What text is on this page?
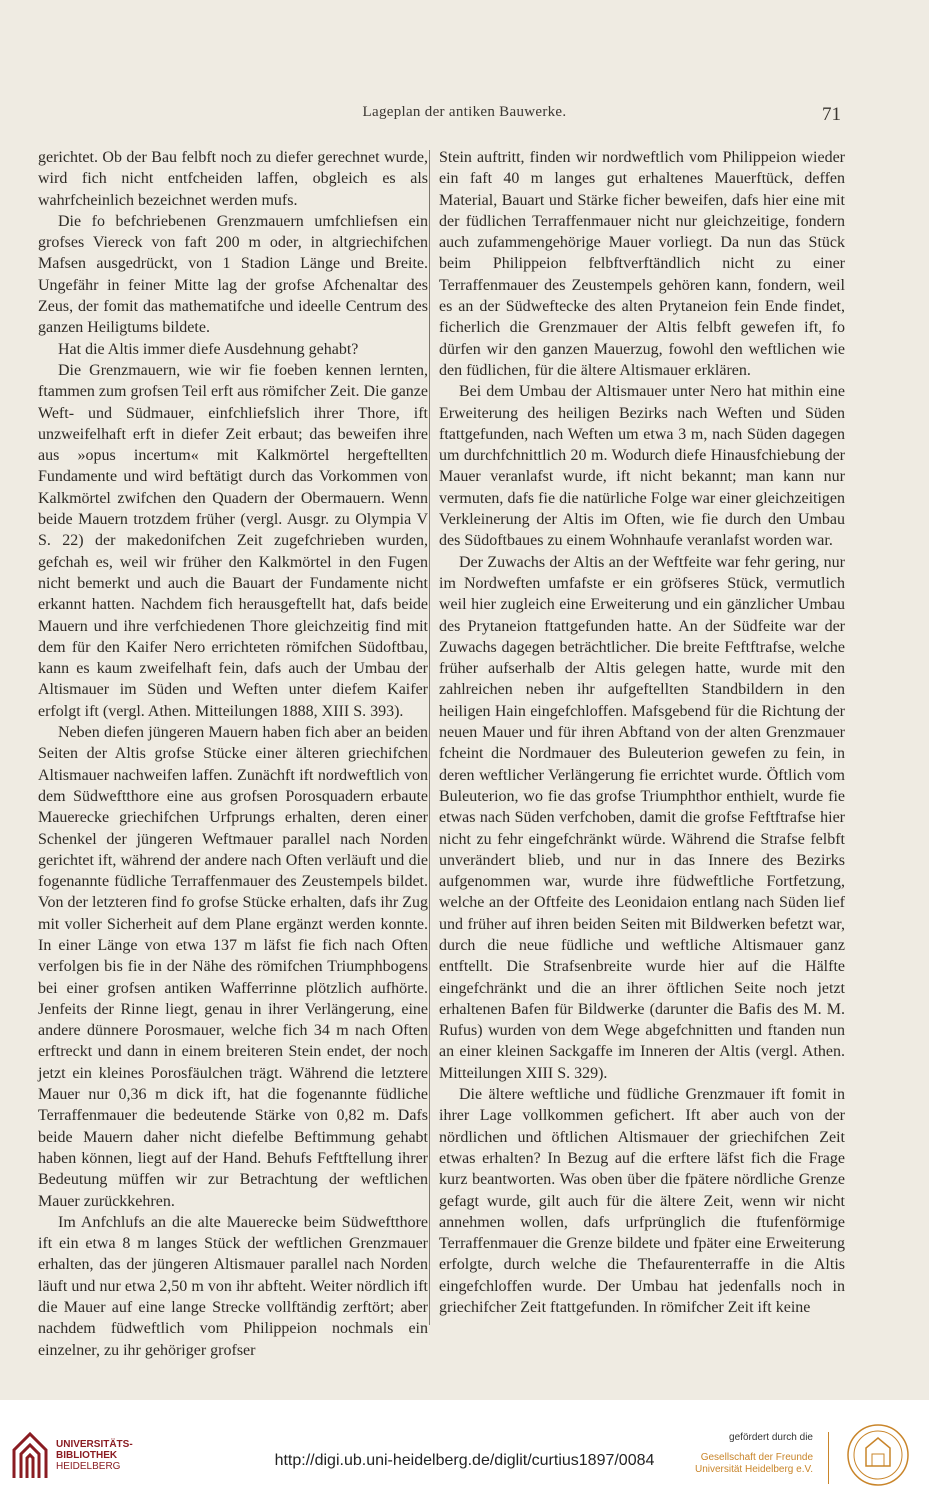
Lageplan der antiken Bauwerke.	71

gerichtet. Ob der Bau felbft noch zu diefer gerechnet wurde, wird fich nicht entfcheiden laffen, obgleich es als wahrfcheinlich bezeichnet werden mufs.

Die fo befchriebenen Grenzmauern umfchliefsen ein grofses Viereck von faft 200 m oder, in altgriechifchen Mafsen ausgedrückt, von 1 Stadion Länge und Breite. Ungefähr in feiner Mitte lag der grofse Afchenaltar des Zeus, der fomit das mathematifche und ideelle Centrum des ganzen Heiligtums bildete.

Hat die Altis immer diefe Ausdehnung gehabt?

Die Grenzmauern, wie wir fie foeben kennen lernten, ftammen zum grofsen Teil erft aus römifcher Zeit. Die ganze Weft- und Südmauer, einfchliefslich ihrer Thore, ift unzweifelhaft erft in diefer Zeit erbaut; das beweifen ihre aus »opus incertum« mit Kalkmörtel hergeftellten Fundamente und wird beftätigt durch das Vorkommen von Kalkmörtel zwifchen den Quadern der Obermauern. Wenn beide Mauern trotzdem früher (vergl. Ausgr. zu Olympia V S. 22) der makedonifchen Zeit zugefchrieben wurden, gefchah es, weil wir früher den Kalkmörtel in den Fugen nicht bemerkt und auch die Bauart der Fundamente nicht erkannt hatten. Nachdem fich herausgeftellt hat, dafs beide Mauern und ihre verfchiedenen Thore gleichzeitig find mit dem für den Kaifer Nero errichteten römifchen Südoftbau, kann es kaum zweifelhaft fein, dafs auch der Umbau der Altismauer im Süden und Weften unter diefem Kaifer erfolgt ift (vergl. Athen. Mitteilungen 1888, XIII S. 393).

Neben diefen jüngeren Mauern haben fich aber an beiden Seiten der Altis grofse Stücke einer älteren griechifchen Altismauer nachweifen laffen. Zunächft ift nordweftlich von dem Südweftthore eine aus grofsen Porosquadern erbaute Mauerecke griechifchen Urfprungs erhalten, deren einer Schenkel der jüngeren Weftmauer parallel nach Norden gerichtet ift, während der andere nach Often verläuft und die fogenannte füdliche Terraffenmauer des Zeustempels bildet. Von der letzteren find fo grofse Stücke erhalten, dafs ihr Zug mit voller Sicherheit auf dem Plane ergänzt werden konnte. In einer Länge von etwa 137 m läfst fie fich nach Often verfolgen bis fie in der Nähe des römifchen Triumphbogens bei einer grofsen antiken Wafferrinne plötzlich aufhörte. Jenfeits der Rinne liegt, genau in ihrer Verlängerung, eine andere dünnere Porosmauer, welche fich 34 m nach Often erftreckt und dann in einem breiteren Stein endet, der noch jetzt ein kleines Porosfäulchen trägt. Während die letztere Mauer nur 0,36 m dick ift, hat die fogenannte füdliche Terraffenmauer die bedeutende Stärke von 0,82 m. Dafs beide Mauern daher nicht diefelbe Beftimmung gehabt haben können, liegt auf der Hand. Behufs Feftftellung ihrer Bedeutung müffen wir zur Betrachtung der weftlichen Mauer zurückkehren.

Im Anfchlufs an die alte Mauerecke beim Südweftthore ift ein etwa 8 m langes Stück der weftlichen Grenzmauer erhalten, das der jüngeren Altismauer parallel nach Norden läuft und nur etwa 2,50 m von ihr abfteht. Weiter nördlich ift die Mauer auf eine lange Strecke vollftändig zerftört; aber nachdem füdweftlich vom Philippeion nochmals ein einzelner, zu ihr gehöriger grofser

Stein auftritt, finden wir nordweftlich vom Philippeion wieder ein faft 40 m langes gut erhaltenes Mauerftück, deffen Material, Bauart und Stärke ficher beweifen, dafs hier eine mit der füdlichen Terraffenmauer nicht nur gleichzeitige, fondern auch zufammengehörige Mauer vorliegt. Da nun das Stück beim Philippeion felbftverftändlich nicht zu einer Terraffenmauer des Zeustempels gehören kann, fondern, weil es an der Südweftecke des alten Prytaneion fein Ende findet, ficherlich die Grenzmauer der Altis felbft gewefen ift, fo dürfen wir den ganzen Mauerzug, fowohl den weftlichen wie den füdlichen, für die ältere Altismauer erklären.

Bei dem Umbau der Altismauer unter Nero hat mithin eine Erweiterung des heiligen Bezirks nach Weften und Süden ftattgefunden, nach Weften um etwa 3 m, nach Süden dagegen um durchfchnittlich 20 m. Wodurch diefe Hinausfchiebung der Mauer veranlafst wurde, ift nicht bekannt; man kann nur vermuten, dafs fie die natürliche Folge war einer gleichzeitigen Verkleinerung der Altis im Often, wie fie durch den Umbau des Südoftbaues zu einem Wohnhaufe veranlafst worden war.

Der Zuwachs der Altis an der Weftfeite war fehr gering, nur im Nordweften umfafste er ein gröfseres Stück, vermutlich weil hier zugleich eine Erweiterung und ein gänzlicher Umbau des Prytaneion ftattgefunden hatte. An der Südfeite war der Zuwachs dagegen beträchtlicher. Die breite Feftftrafse, welche früher aufserhalb der Altis gelegen hatte, wurde mit den zahlreichen neben ihr aufgeftellten Standbildern in den heiligen Hain eingefchloffen. Mafsgebend für die Richtung der neuen Mauer und für ihren Abftand von der alten Grenzmauer fcheint die Nordmauer des Buleuterion gewefen zu fein, in deren weftlicher Verlängerung fie errichtet wurde. Öftlich vom Buleuterion, wo fie das grofse Triumphthor enthielt, wurde fie etwas nach Süden verfchoben, damit die grofse Feftftrafse hier nicht zu fehr eingefchränkt würde. Während die Strafse felbft unverändert blieb, und nur in das Innere des Bezirks aufgenommen war, wurde ihre füdweftliche Fortfetzung, welche an der Oftfeite des Leonidaion entlang nach Süden lief und früher auf ihren beiden Seiten mit Bildwerken befetzt war, durch die neue füdliche und weftliche Altismauer ganz entftellt. Die Strafsenbreite wurde hier auf die Hälfte eingefchränkt und die an ihrer öftlichen Seite noch jetzt erhaltenen Bafen für Bildwerke (darunter die Bafis des M. M. Rufus) wurden von dem Wege abgefchnitten und ftanden nun an einer kleinen Sackgaffe im Inneren der Altis (vergl. Athen. Mitteilungen XIII S. 329).

Die ältere weftliche und füdliche Grenzmauer ift fomit in ihrer Lage vollkommen gefichert. Ift aber auch von der nördlichen und öftlichen Altismauer der griechifchen Zeit etwas erhalten? In Bezug auf die erftere läfst fich die Frage kurz beantworten. Was oben über die fpätere nördliche Grenze gefagt wurde, gilt auch für die ältere Zeit, wenn wir nicht annehmen wollen, dafs urfprünglich die ftufenförmige Terraffenmauer die Grenze bildete und fpäter eine Erweiterung erfolgte, durch welche die Thefaurenterraffe in die Altis eingefchloffen wurde. Der Umbau hat jedenfalls noch in griechifcher Zeit ftattgefunden. In römifcher Zeit ift keine

UNIVERSITÄTS-
BIBLIOTHEK
HEIDELBERG	http://digi.ub.uni-heidelberg.de/diglit/curtius1897/0084
gefördert durch die
Gesellschaft der Freunde
Universität Heidelberg e.V.
